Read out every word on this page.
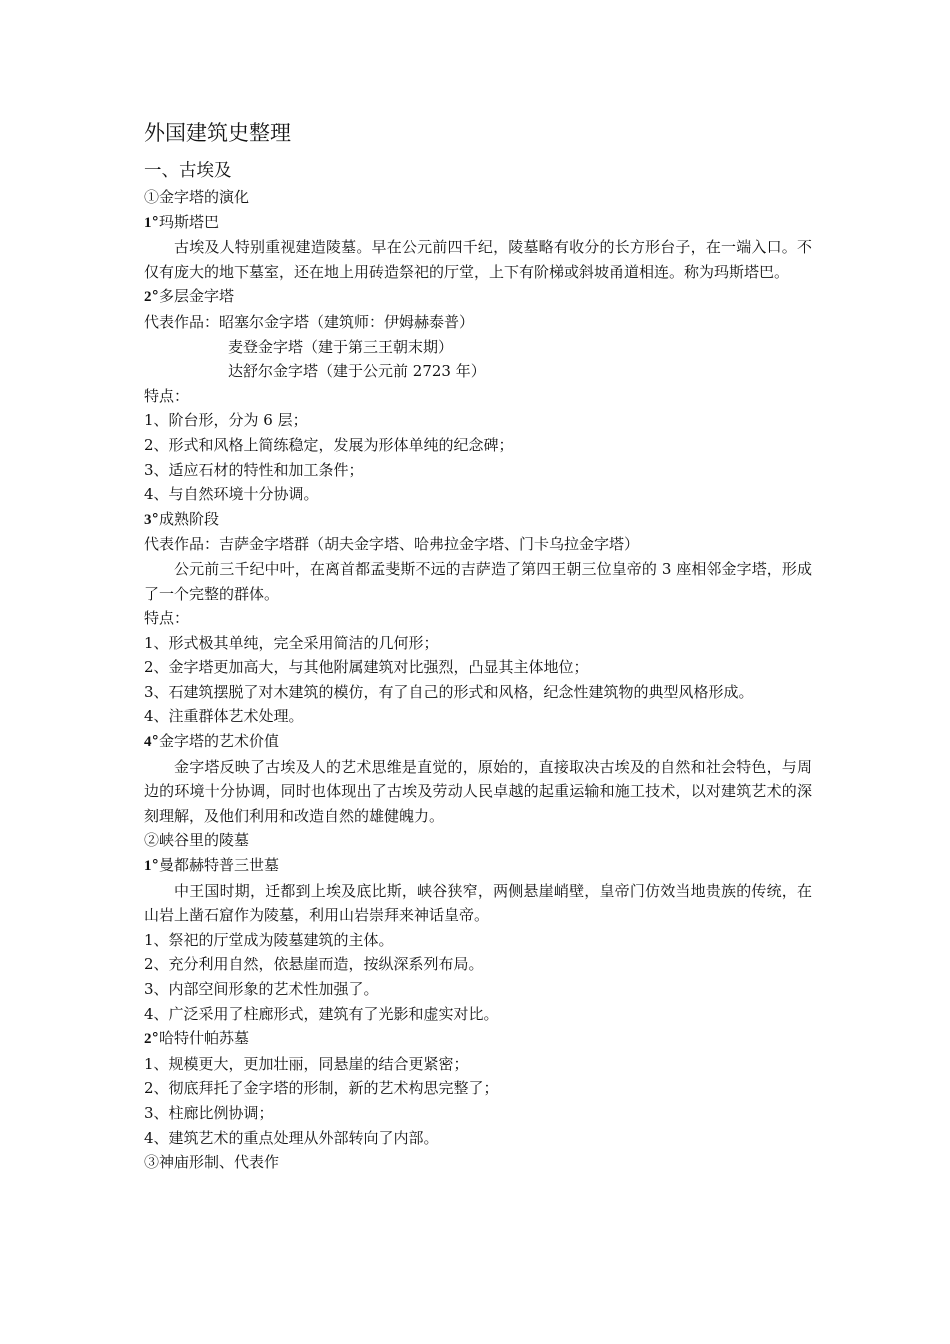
外国建筑史整理
一、古埃及

①金字塔的演化

1°玛斯塔巴

古埃及人特别重视建造陵墓。早在公元前四千纪，陵墓略有收分的长方形台子，在一端入口。不仅有庞大的地下墓室，还在地上用砖造祭祀的厅堂，上下有阶梯或斜坡甬道相连。称为玛斯塔巴。

2°多层金字塔

代表作品：昭塞尔金字塔（建筑师：伊姆赫泰普）

麦登金字塔（建于第三王朝末期）

达舒尔金字塔（建于公元前 2723 年）

特点：

1、阶台形，分为 6 层；

2、形式和风格上简练稳定，发展为形体单纯的纪念碑；

3、适应石材的特性和加工条件；

4、与自然环境十分协调。

3°成熟阶段

代表作品：吉萨金字塔群（胡夫金字塔、哈弗拉金字塔、门卡乌拉金字塔）

公元前三千纪中叶，在离首都孟斐斯不远的吉萨造了第四王朝三位皇帝的 3 座相邻金字塔，形成了一个完整的群体。

特点：

1、形式极其单纯，完全采用简洁的几何形；

2、金字塔更加高大，与其他附属建筑对比强烈，凸显其主体地位；

3、石建筑摆脱了对木建筑的模仿，有了自己的形式和风格，纪念性建筑物的典型风格形成。

4、注重群体艺术处理。

4°金字塔的艺术价值

金字塔反映了古埃及人的艺术思维是直觉的，原始的，直接取决古埃及的自然和社会特色，与周边的环境十分协调，同时也体现出了古埃及劳动人民卓越的起重运输和施工技术，以对建筑艺术的深刻理解，及他们利用和改造自然的雄健魄力。

②峡谷里的陵墓

1°曼都赫特普三世墓

中王国时期，迁都到上埃及底比斯，峡谷狭窄，两侧悬崖峭壁，皇帝门仿效当地贵族的传统，在山岩上凿石窟作为陵墓，利用山岩崇拜来神话皇帝。

1、祭祀的厅堂成为陵墓建筑的主体。

2、充分利用自然，依悬崖而造，按纵深系列布局。

3、内部空间形象的艺术性加强了。

4、广泛采用了柱廊形式，建筑有了光影和虚实对比。

2°哈特什帕苏墓

1、规模更大，更加壮丽，同悬崖的结合更紧密；

2、彻底拜托了金字塔的形制，新的艺术构思完整了；

3、柱廊比例协调；

4、建筑艺术的重点处理从外部转向了内部。

③神庙形制、代表作
